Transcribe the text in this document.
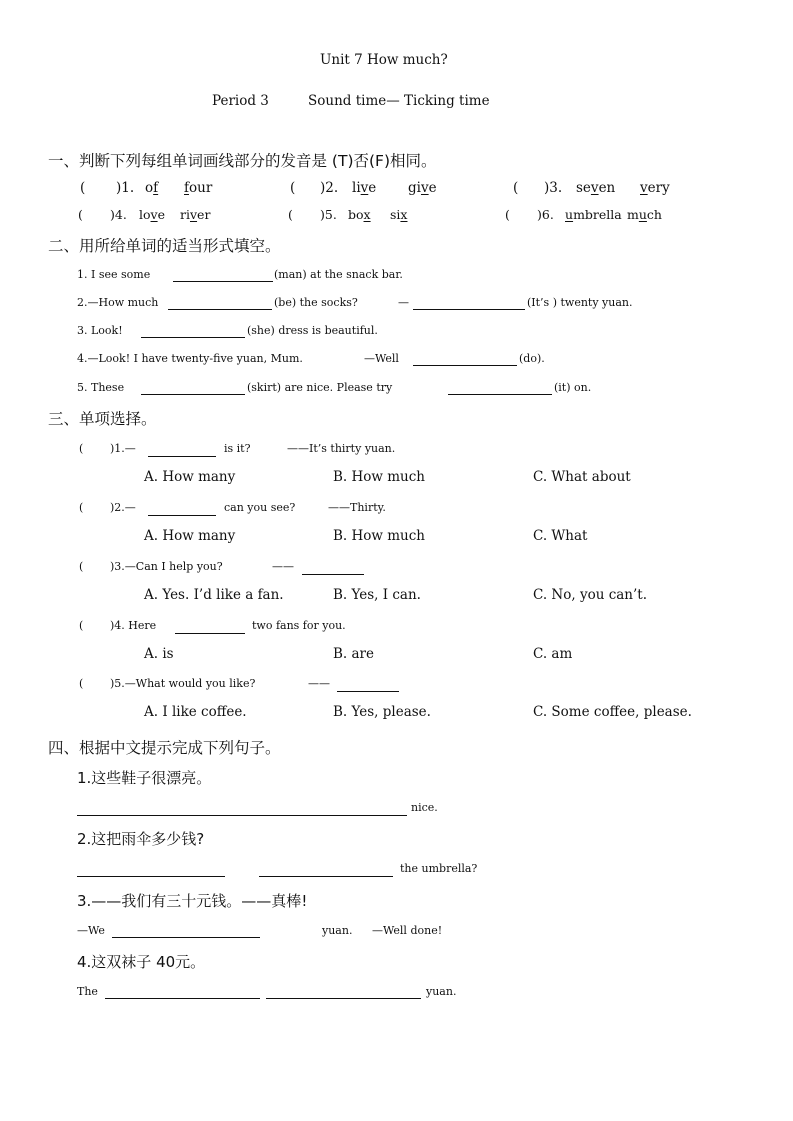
Unit 7 How much?
Period 3	Sound time— Ticking time
一、判断下列每组单词画线部分的发音是 (T)否(F)相同。
( )1. of four	( )2. live give	( )3. seven very
( )4. love river	( )5. box six	( )6. umbrella much
二、用所给单词的适当形式填空。
1. I see some	(man) at the snack bar.
2.—How much	(be) the socks?	—	(It’s ) twenty yuan.
3. Look!	(she) dress is beautiful.
4.—Look! I have twenty-five yuan, Mum.	—Well	(do).
5. These	(skirt) are nice. Please try	(it) on.
三、单项选择。
( )1.—	is it?	——It’s thirty yuan.
A. How many	B. How much	C. What about
( )2.—	can you see?	——Thirty.
A. How many	B. How much	C. What
( )3.—Can I help you?	——
A. Yes. I’d like a fan.	B. Yes, I can.	C. No, you can’t.
( )4. Here	two fans for you.
A. is	B. are	C. am
( )5.—What would you like?	——
A. I like coffee.	B. Yes, please.	C. Some coffee, please.
四、根据中文提示完成下列句子。
1.这些鞋子很漂亮。
nice.
2.这把雨伞多少钱?
the umbrella?
3.——我们有三十元钱。——真棒!
—We	yuan. —Well done!
4.这双袜子 40元。
The	yuan.
